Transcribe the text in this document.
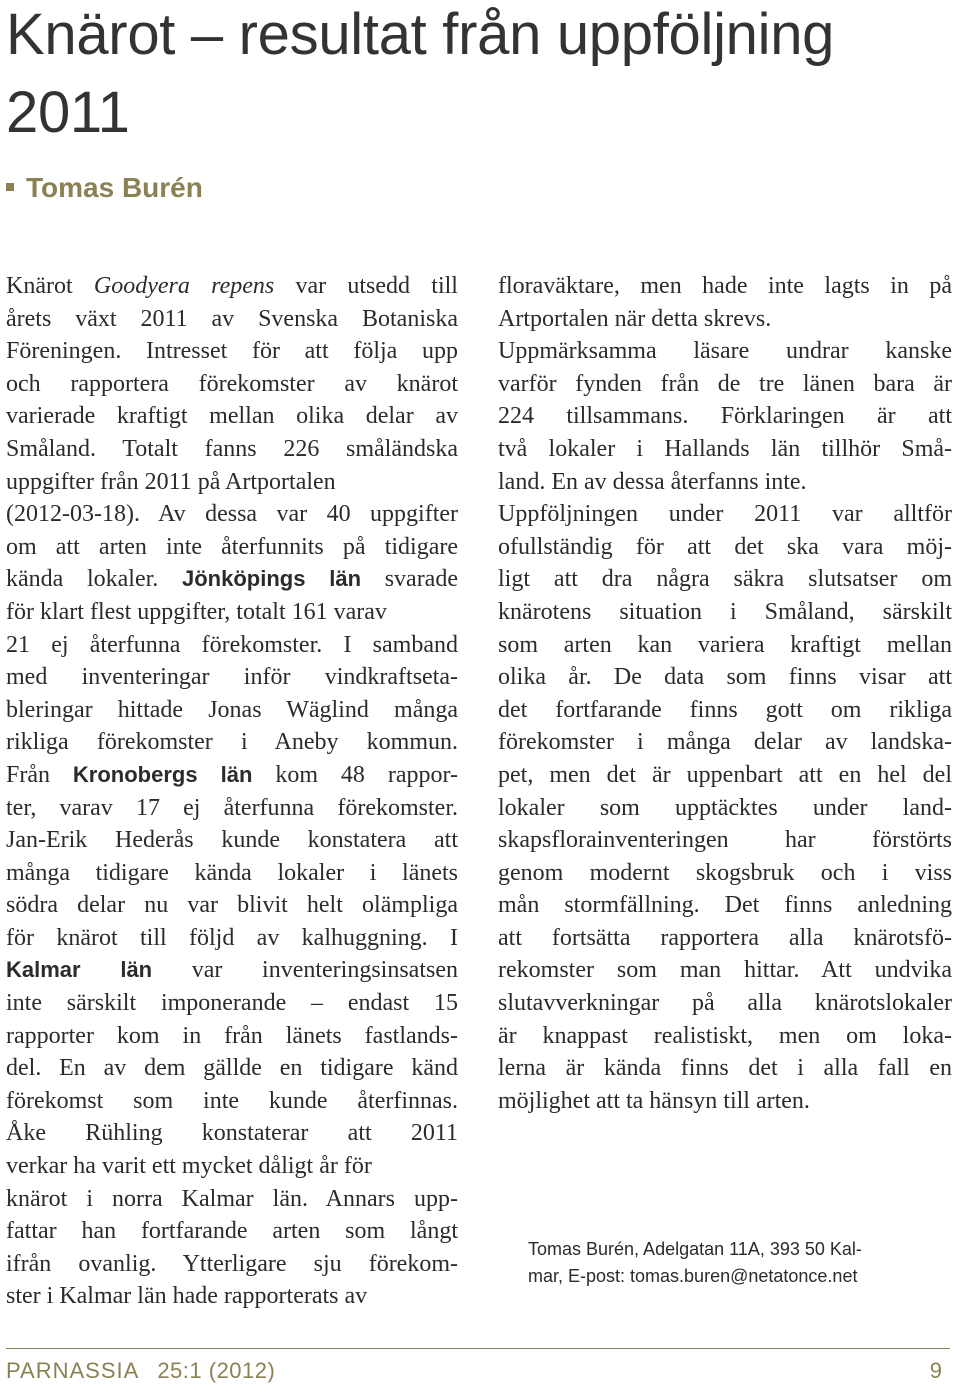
Knärot – resultat från uppföljning 2011
Tomas Burén
Knärot Goodyera repens var utsedd till
årets växt 2011 av Svenska Botaniska
Föreningen. Intresset för att följa upp
och rapportera förekomster av knärot
varierade kraftigt mellan olika delar av
Småland. Totalt fanns 226 småländska
uppgifter från 2011 på Artportalen
(2012-03-18). Av dessa var 40 uppgifter
om att arten inte återfunnits på tidigare
kända lokaler. Jönköpings län svarade
för klart flest uppgifter, totalt 161 varav
21 ej återfunna förekomster. I samband
med inventeringar inför vindkraftseta-
bleringar hittade Jonas Wäglind många
rikliga förekomster i Aneby kommun.
Från Kronobergs län kom 48 rappor-
ter, varav 17 ej återfunna förekomster.
Jan-Erik Hederås kunde konstatera att
många tidigare kända lokaler i länets
södra delar nu var blivit helt olämpliga
för knärot till följd av kalhuggning. I
Kalmar län var inventeringsinsatsen
inte särskilt imponerande – endast 15
rapporter kom in från länets fastlands-
del. En av dem gällde en tidigare känd
förekomst som inte kunde återfinnas.
Åke Rühling konstaterar att 2011
verkar ha varit ett mycket dåligt år för
knärot i norra Kalmar län. Annars upp-
fattar han fortfarande arten som långt
ifrån ovanlig. Ytterligare sju förekom-
ster i Kalmar län hade rapporterats av
floraväktare, men hade inte lagts in på
Artportalen när detta skrevs.
Uppmärksamma läsare undrar kanske
varför fynden från de tre länen bara är
224 tillsammans. Förklaringen är att
två lokaler i Hallands län tillhör Små-
land. En av dessa återfanns inte.
Uppföljningen under 2011 var alltför
ofullständig för att det ska vara möj-
ligt att dra några säkra slutsatser om
knärotens situation i Småland, särskilt
som arten kan variera kraftigt mellan
olika år. De data som finns visar att
det fortfarande finns gott om rikliga
förekomster i många delar av landska-
pet, men det är uppenbart att en hel del
lokaler som upptäcktes under land-
skapsflorainventeringen har förstörts
genom modernt skogsbruk och i viss
mån stormfällning. Det finns anledning
att fortsätta rapportera alla knärotsfö-
rekomster som man hittar. Att undvika
slutavverkningar på alla knärotslokaler
är knappast realistiskt, men om loka-
lerna är kända finns det i alla fall en
möjlighet att ta hänsyn till arten.
Tomas Burén, Adelgatan 11A, 393 50 Kal-
mar, E-post: tomas.buren@netatonce.net
PARNASSIA 25:1 (2012)	9
